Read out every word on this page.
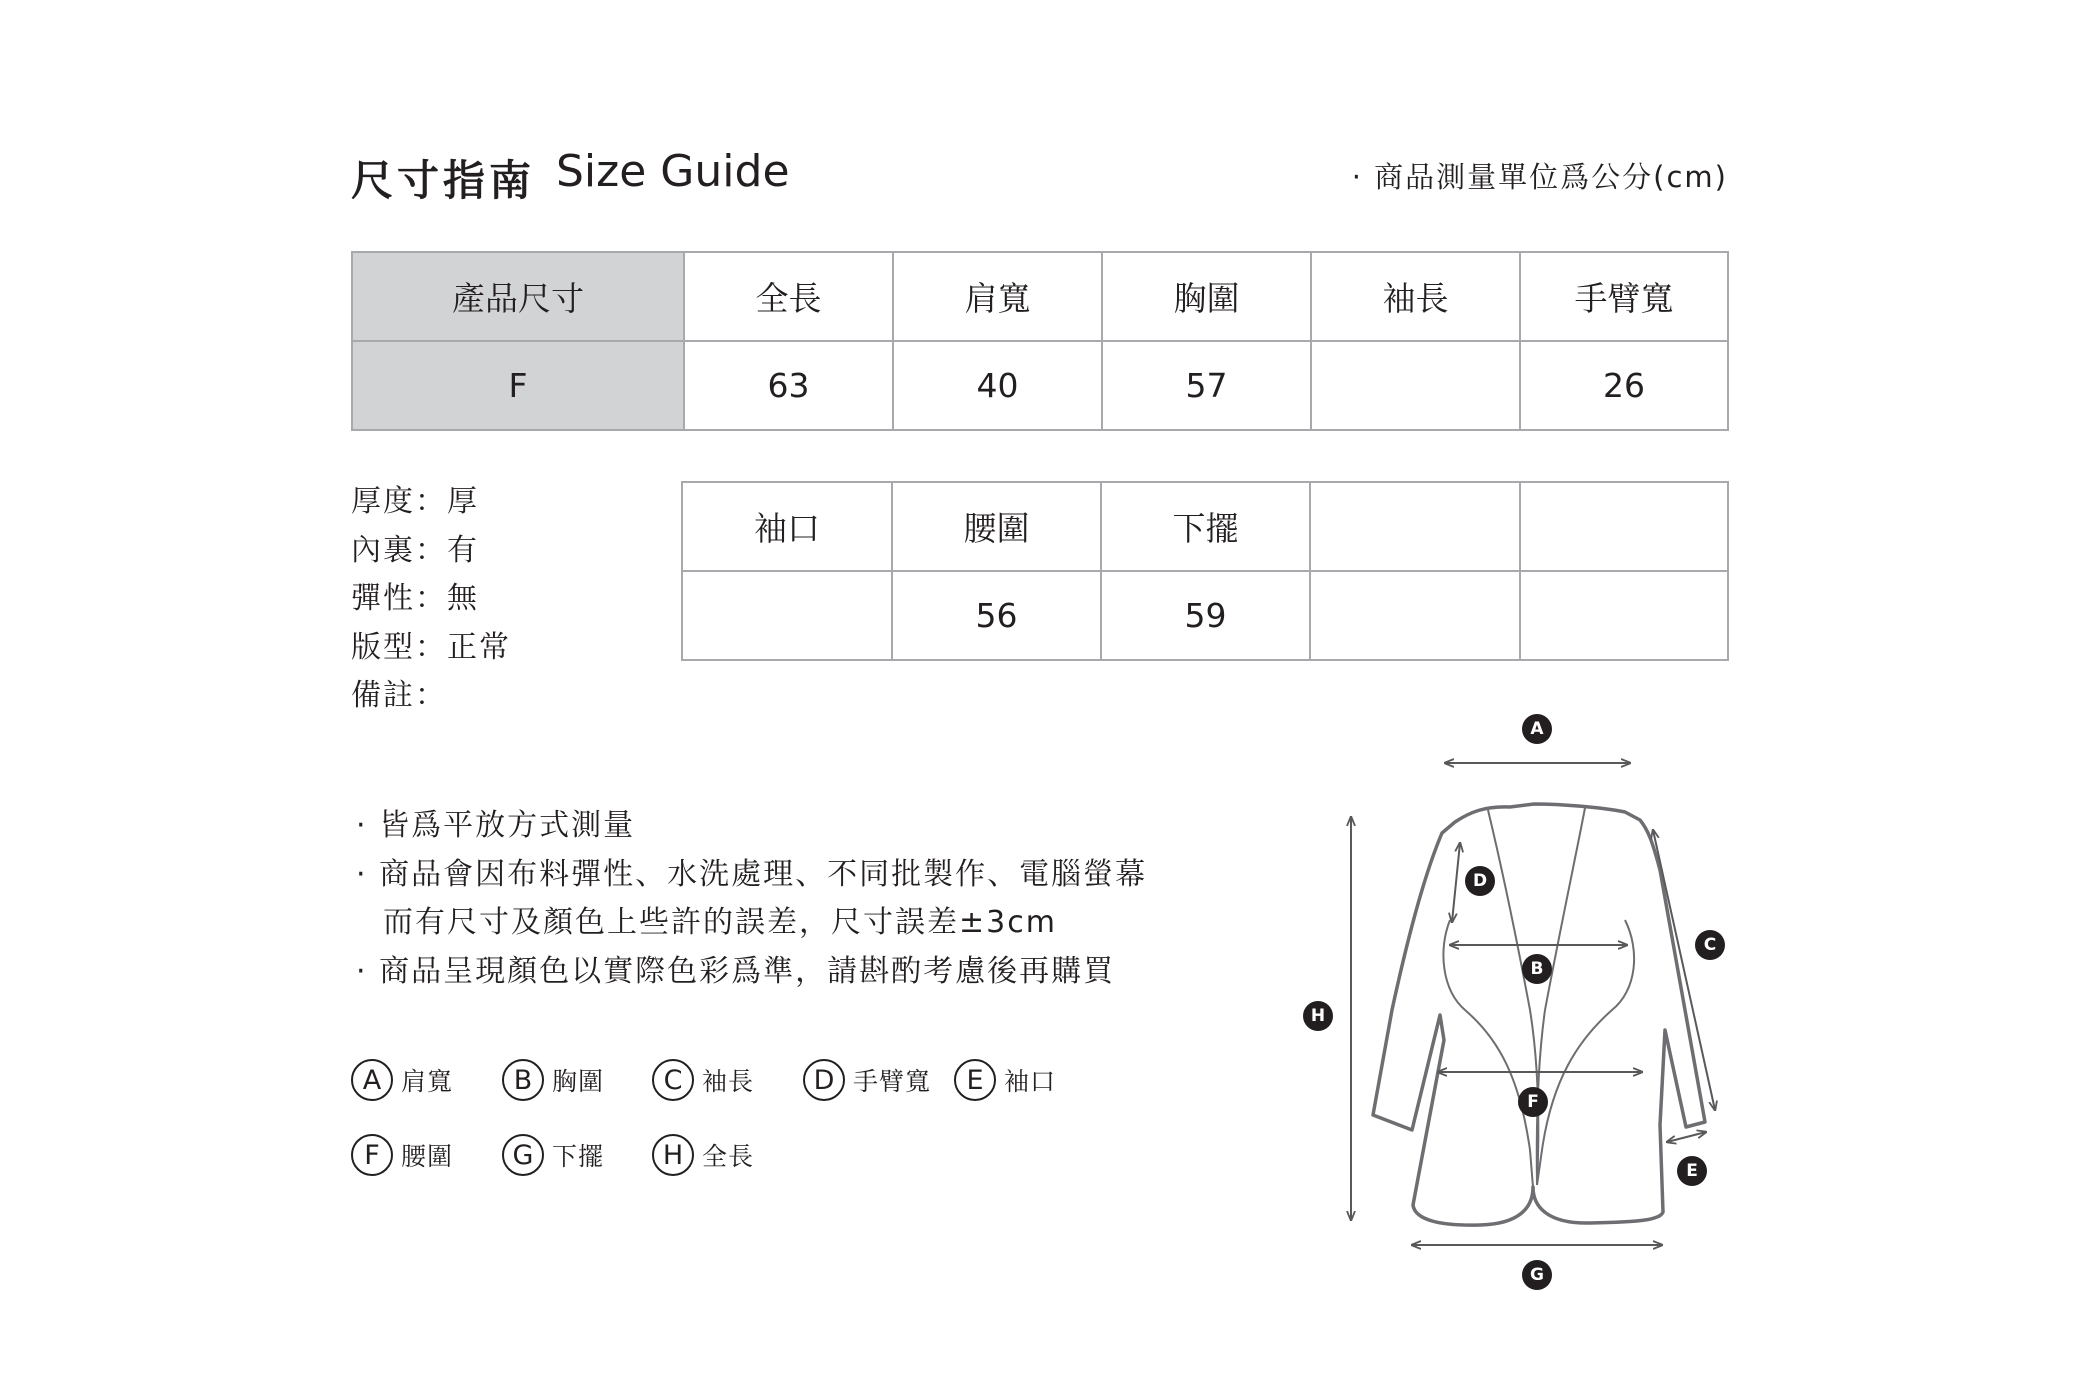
尺寸指南 Size Guide	· 商品測量單位爲公分(cm)
產品尺寸	全長	肩寬	胸圍	袖長	手臂寬
F	63	40	57		26
厚度：厚
內裏：有
彈性：無
版型：正常
備註：
袖口	腰圍	下擺		
	56	59		
· 皆爲平放方式測量
· 商品會因布料彈性、水洗處理、不同批製作、電腦螢幕
而有尺寸及顏色上些許的誤差，尺寸誤差±3cm
· 商品呈現顏色以實際色彩爲準，請斟酌考慮後再購買
A 肩寬	B 胸圍	C 袖長	D 手臂寬	E 袖口
F 腰圍	G 下擺	H 全長
A
D
C
B
H
F
E
G
